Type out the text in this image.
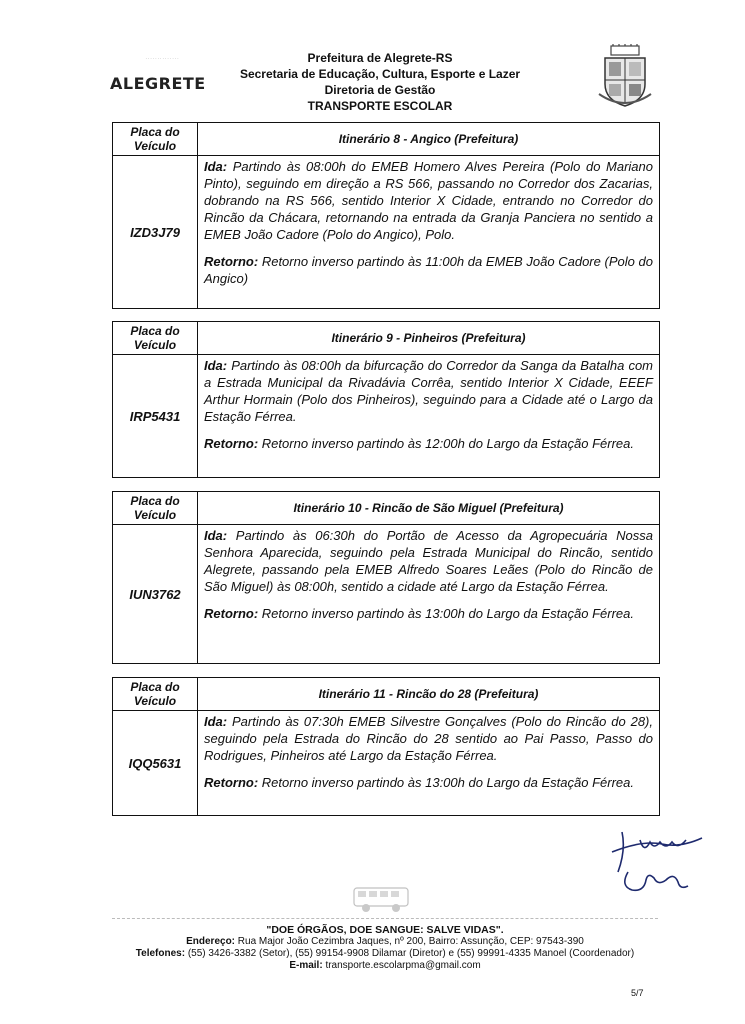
· · · · · · · · · · · · · ·
ALEGRETE
Prefeitura de Alegrete-RS
Secretaria de Educação, Cultura, Esporte e Lazer
Diretoria de Gestão
TRANSPORTE ESCOLAR
Placa do
Veículo	Itinerário 8 - Angico (Prefeitura)
IZD3J79

Ida: Partindo às 08:00h do EMEB Homero Alves Pereira (Polo do Mariano Pinto), seguindo em direção a RS 566, passando no Corredor dos Zacarias, dobrando na RS 566, sentido Interior X Cidade, entrando no Corredor do Rincão da Chácara, retornando na entrada da Granja Panciera no sentido a EMEB João Cadore (Polo do Angico), Polo.

Retorno: Retorno inverso partindo às 11:00h da EMEB João Cadore (Polo do Angico)

Placa do
Veículo	Itinerário 9 - Pinheiros (Prefeitura)
IRP5431

Ida: Partindo às 08:00h da bifurcação do Corredor da Sanga da Batalha com a Estrada Municipal da Rivadávia Corrêa, sentido Interior X Cidade, EEEF Arthur Hormain (Polo dos Pinheiros), seguindo para a Cidade até o Largo da Estação Férrea.

Retorno: Retorno inverso partindo às 12:00h do Largo da Estação Férrea.

Placa do
Veículo	Itinerário 10 - Rincão de São Miguel (Prefeitura)
IUN3762

Ida: Partindo às 06:30h do Portão de Acesso da Agropecuária Nossa Senhora Aparecida, seguindo pela Estrada Municipal do Rincão, sentido Alegrete, passando pela EMEB Alfredo Soares Leães (Polo do Rincão de São Miguel) às 08:00h, sentido a cidade até Largo da Estação Férrea.

Retorno: Retorno inverso partindo às 13:00h do Largo da Estação Férrea.

Placa do
Veículo	Itinerário 11 - Rincão do 28 (Prefeitura)
IQQ5631

Ida: Partindo às 07:30h EMEB Silvestre Gonçalves (Polo do Rincão do 28), seguindo pela Estrada do Rincão do 28 sentido ao Pai Passo, Passo do Rodrigues, Pinheiros até Largo da Estação Férrea.

Retorno: Retorno inverso partindo às 13:00h do Largo da Estação Férrea.

"DOE ÓRGÃOS, DOE SANGUE: SALVE VIDAS".
Endereço: Rua Major João Cezimbra Jaques, nº 200, Bairro: Assunção, CEP: 97543-390
Telefones: (55) 3426-3382 (Setor), (55) 99154-9908 Dilamar (Diretor) e (55) 99991-4335 Manoel (Coordenador)
E-mail: transporte.escolarpma@gmail.com
5/7
